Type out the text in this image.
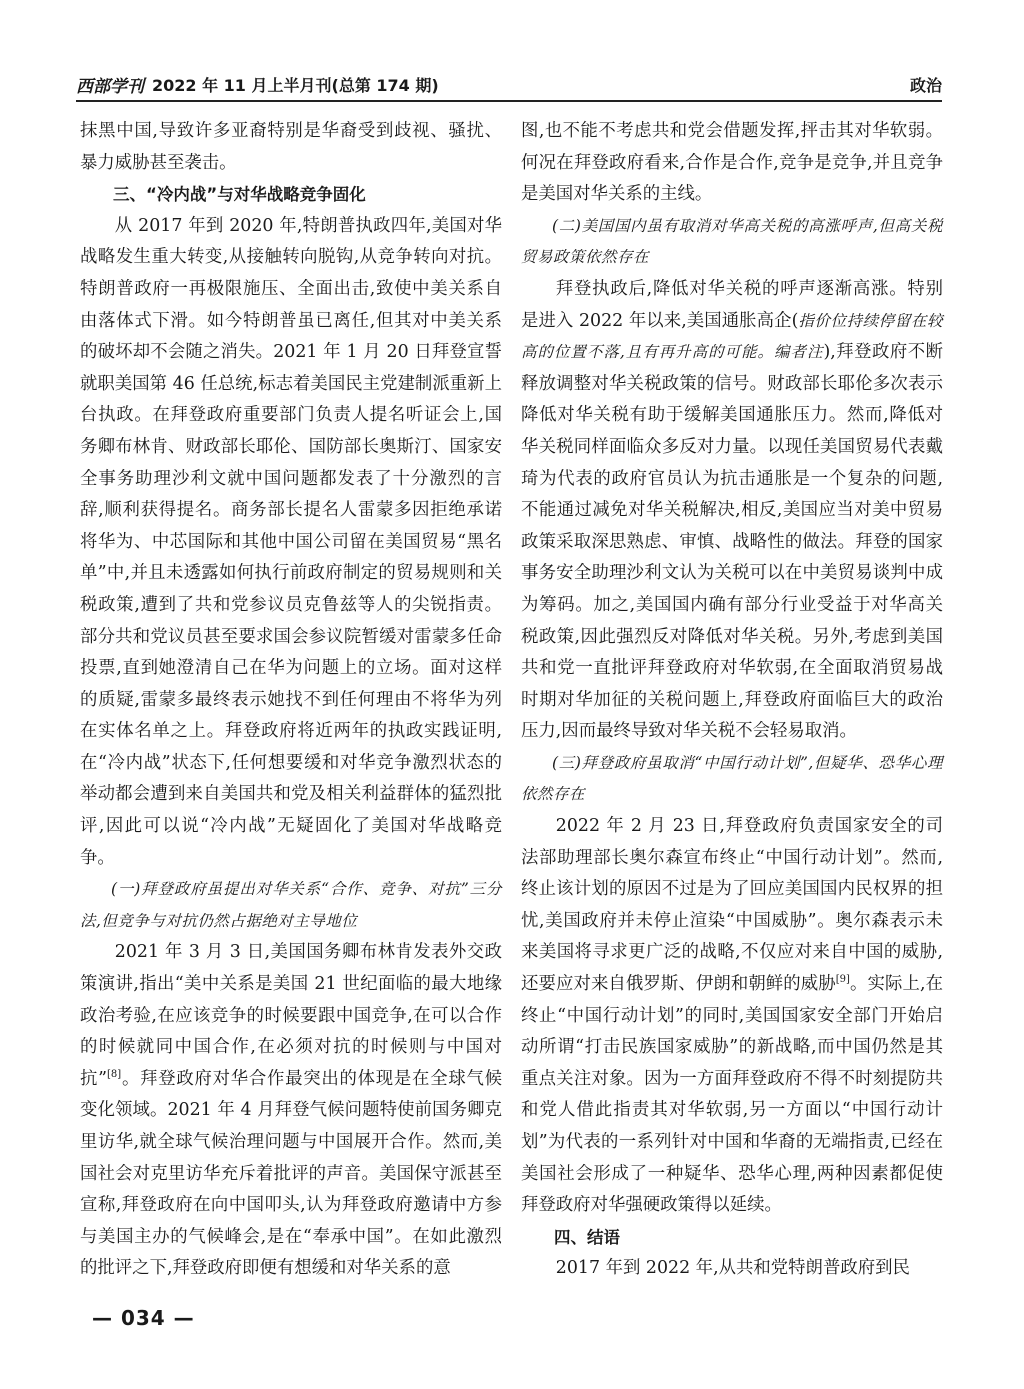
西部学刊 2022 年 11 月上半月刊(总第 174 期)	政治

抹黑中国,导致许多亚裔特别是华裔受到歧视、骚扰、暴力威胁甚至袭击。

三、“冷内战”与对华战略竞争固化

从 2017 年到 2020 年,特朗普执政四年,美国对华战略发生重大转变,从接触转向脱钩,从竞争转向对抗。特朗普政府一再极限施压、全面出击,致使中美关系自由落体式下滑。如今特朗普虽已离任,但其对中美关系的破坏却不会随之消失。2021 年 1 月 20 日拜登宣誓就职美国第 46 任总统,标志着美国民主党建制派重新上台执政。在拜登政府重要部门负责人提名听证会上,国务卿布林肯、财政部长耶伦、国防部长奥斯汀、国家安全事务助理沙利文就中国问题都发表了十分激烈的言辞,顺利获得提名。商务部长提名人雷蒙多因拒绝承诺将华为、中芯国际和其他中国公司留在美国贸易“黑名单”中,并且未透露如何执行前政府制定的贸易规则和关税政策,遭到了共和党参议员克鲁兹等人的尖锐指责。部分共和党议员甚至要求国会参议院暂缓对雷蒙多任命投票,直到她澄清自己在华为问题上的立场。面对这样的质疑,雷蒙多最终表示她找不到任何理由不将华为列在实体名单之上。拜登政府将近两年的执政实践证明,在“冷内战”状态下,任何想要缓和对华竞争激烈状态的举动都会遭到来自美国共和党及相关利益群体的猛烈批评,因此可以说“冷内战”无疑固化了美国对华战略竞争。

(一)拜登政府虽提出对华关系“合作、竞争、对抗”三分法,但竞争与对抗仍然占据绝对主导地位

2021 年 3 月 3 日,美国国务卿布林肯发表外交政策演讲,指出“美中关系是美国 21 世纪面临的最大地缘政治考验,在应该竞争的时候要跟中国竞争,在可以合作的时候就同中国合作,在必须对抗的时候则与中国对抗”[8]。拜登政府对华合作最突出的体现是在全球气候变化领域。2021 年 4 月拜登气候问题特使前国务卿克里访华,就全球气候治理问题与中国展开合作。然而,美国社会对克里访华充斥着批评的声音。美国保守派甚至宣称,拜登政府在向中国叩头,认为拜登政府邀请中方参与美国主办的气候峰会,是在“奉承中国”。在如此激烈的批评之下,拜登政府即便有想缓和对华关系的意

图,也不能不考虑共和党会借题发挥,抨击其对华软弱。何况在拜登政府看来,合作是合作,竞争是竞争,并且竞争是美国对华关系的主线。

(二)美国国内虽有取消对华高关税的高涨呼声,但高关税贸易政策依然存在

拜登执政后,降低对华关税的呼声逐渐高涨。特别是进入 2022 年以来,美国通胀高企(指价位持续停留在较高的位置不落,且有再升高的可能。编者注),拜登政府不断释放调整对华关税政策的信号。财政部长耶伦多次表示降低对华关税有助于缓解美国通胀压力。然而,降低对华关税同样面临众多反对力量。以现任美国贸易代表戴琦为代表的政府官员认为抗击通胀是一个复杂的问题,不能通过减免对华关税解决,相反,美国应当对美中贸易政策采取深思熟虑、审慎、战略性的做法。拜登的国家事务安全助理沙利文认为关税可以在中美贸易谈判中成为筹码。加之,美国国内确有部分行业受益于对华高关税政策,因此强烈反对降低对华关税。另外,考虑到美国共和党一直批评拜登政府对华软弱,在全面取消贸易战时期对华加征的关税问题上,拜登政府面临巨大的政治压力,因而最终导致对华关税不会轻易取消。

(三)拜登政府虽取消“中国行动计划”,但疑华、恐华心理依然存在

2022 年 2 月 23 日,拜登政府负责国家安全的司法部助理部长奥尔森宣布终止“中国行动计划”。然而,终止该计划的原因不过是为了回应美国国内民权界的担忧,美国政府并未停止渲染“中国威胁”。奥尔森表示未来美国将寻求更广泛的战略,不仅应对来自中国的威胁,还要应对来自俄罗斯、伊朗和朝鲜的威胁[9]。实际上,在终止“中国行动计划”的同时,美国国家安全部门开始启动所谓“打击民族国家威胁”的新战略,而中国仍然是其重点关注对象。因为一方面拜登政府不得不时刻提防共和党人借此指责其对华软弱,另一方面以“中国行动计划”为代表的一系列针对中国和华裔的无端指责,已经在美国社会形成了一种疑华、恐华心理,两种因素都促使拜登政府对华强硬政策得以延续。

四、结语

2017 年到 2022 年,从共和党特朗普政府到民

— 034 —
